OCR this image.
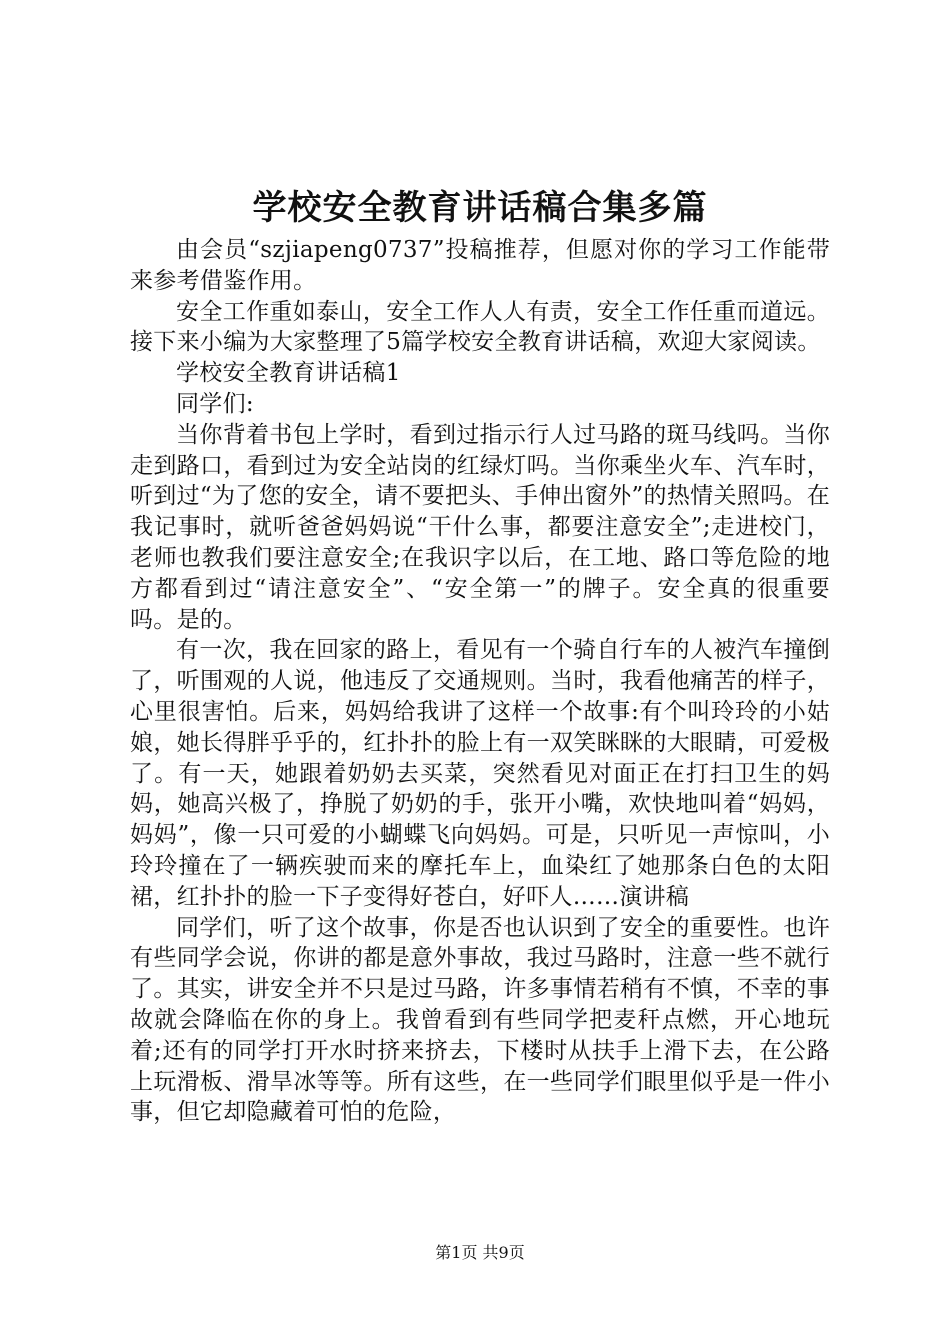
学校安全教育讲话稿合集多篇

由会员“szjiapeng0737”投稿推荐，但愿对你的学习工作能带来参考借鉴作用。

安全工作重如泰山，安全工作人人有责，安全工作任重而道远。接下来小编为大家整理了5篇学校安全教育讲话稿，欢迎大家阅读。

学校安全教育讲话稿1

同学们:

当你背着书包上学时，看到过指示行人过马路的斑马线吗。当你走到路口，看到过为安全站岗的红绿灯吗。当你乘坐火车、汽车时，听到过“为了您的安全，请不要把头、手伸出窗外”的热情关照吗。在我记事时，就听爸爸妈妈说“干什么事，都要注意安全”;走进校门，老师也教我们要注意安全;在我识字以后，在工地、路口等危险的地方都看到过“请注意安全”、“安全第一”的牌子。安全真的很重要吗。是的。

有一次，我在回家的路上，看见有一个骑自行车的人被汽车撞倒了，听围观的人说，他违反了交通规则。当时，我看他痛苦的样子，心里很害怕。后来，妈妈给我讲了这样一个故事:有个叫玲玲的小姑娘，她长得胖乎乎的，红扑扑的脸上有一双笑眯眯的大眼睛，可爱极了。有一天，她跟着奶奶去买菜，突然看见对面正在打扫卫生的妈妈，她高兴极了，挣脱了奶奶的手，张开小嘴，欢快地叫着“妈妈，妈妈”，像一只可爱的小蝴蝶飞向妈妈。可是，只听见一声惊叫，小玲玲撞在了一辆疾驶而来的摩托车上，血染红了她那条白色的太阳裙，红扑扑的脸一下子变得好苍白，好吓人……演讲稿

同学们，听了这个故事，你是否也认识到了安全的重要性。也许有些同学会说，你讲的都是意外事故，我过马路时，注意一些不就行了。其实，讲安全并不只是过马路，许多事情若稍有不慎，不幸的事故就会降临在你的身上。我曾看到有些同学把麦秆点燃，开心地玩着;还有的同学打开水时挤来挤去，下楼时从扶手上滑下去，在公路上玩滑板、滑旱冰等等。所有这些，在一些同学们眼里似乎是一件小事，但它却隐藏着可怕的危险，

第1页 共9页
